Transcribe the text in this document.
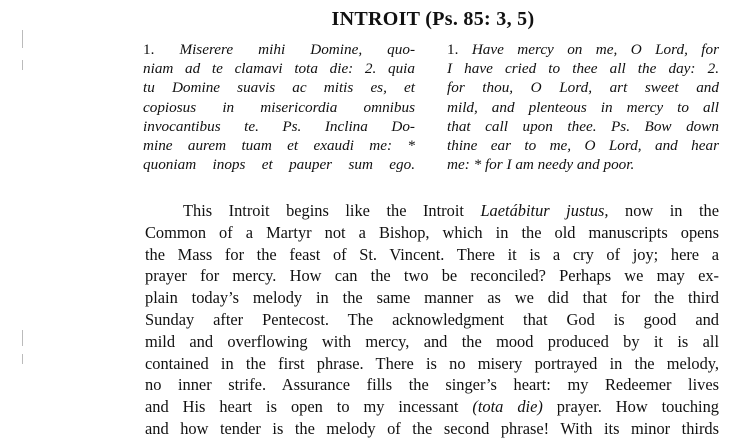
INTROIT (Ps. 85: 3, 5)
1. Miserere mihi Domine, quo-
niam ad te clamavi tota die: 2. quia
tu Domine suavis ac mitis es, et
copiosus in misericordia omnibus
invocantibus te. Ps. Inclina Do-
mine aurem tuam et exaudi me: *
quoniam inops et pauper sum ego.
1. Have mercy on me, O Lord, for
I have cried to thee all the day: 2.
for thou, O Lord, art sweet and
mild, and plenteous in mercy to all
that call upon thee. Ps. Bow down
thine ear to me, O Lord, and hear
me: * for I am needy and poor.
This Introit begins like the Introit Laetábitur justus, now in the
Common of a Martyr not a Bishop, which in the old manuscripts opens
the Mass for the feast of St. Vincent. There it is a cry of joy; here a
prayer for mercy. How can the two be reconciled? Perhaps we may ex-
plain today’s melody in the same manner as we did that for the third
Sunday after Pentecost. The acknowledgment that God is good and
mild and overflowing with mercy, and the mood produced by it is all
contained in the first phrase. There is no misery portrayed in the melody,
no inner strife. Assurance fills the singer’s heart: my Redeemer lives
and His heart is open to my incessant (tota die) prayer. How touching
and how tender is the melody of the second phrase! With its minor thirds
